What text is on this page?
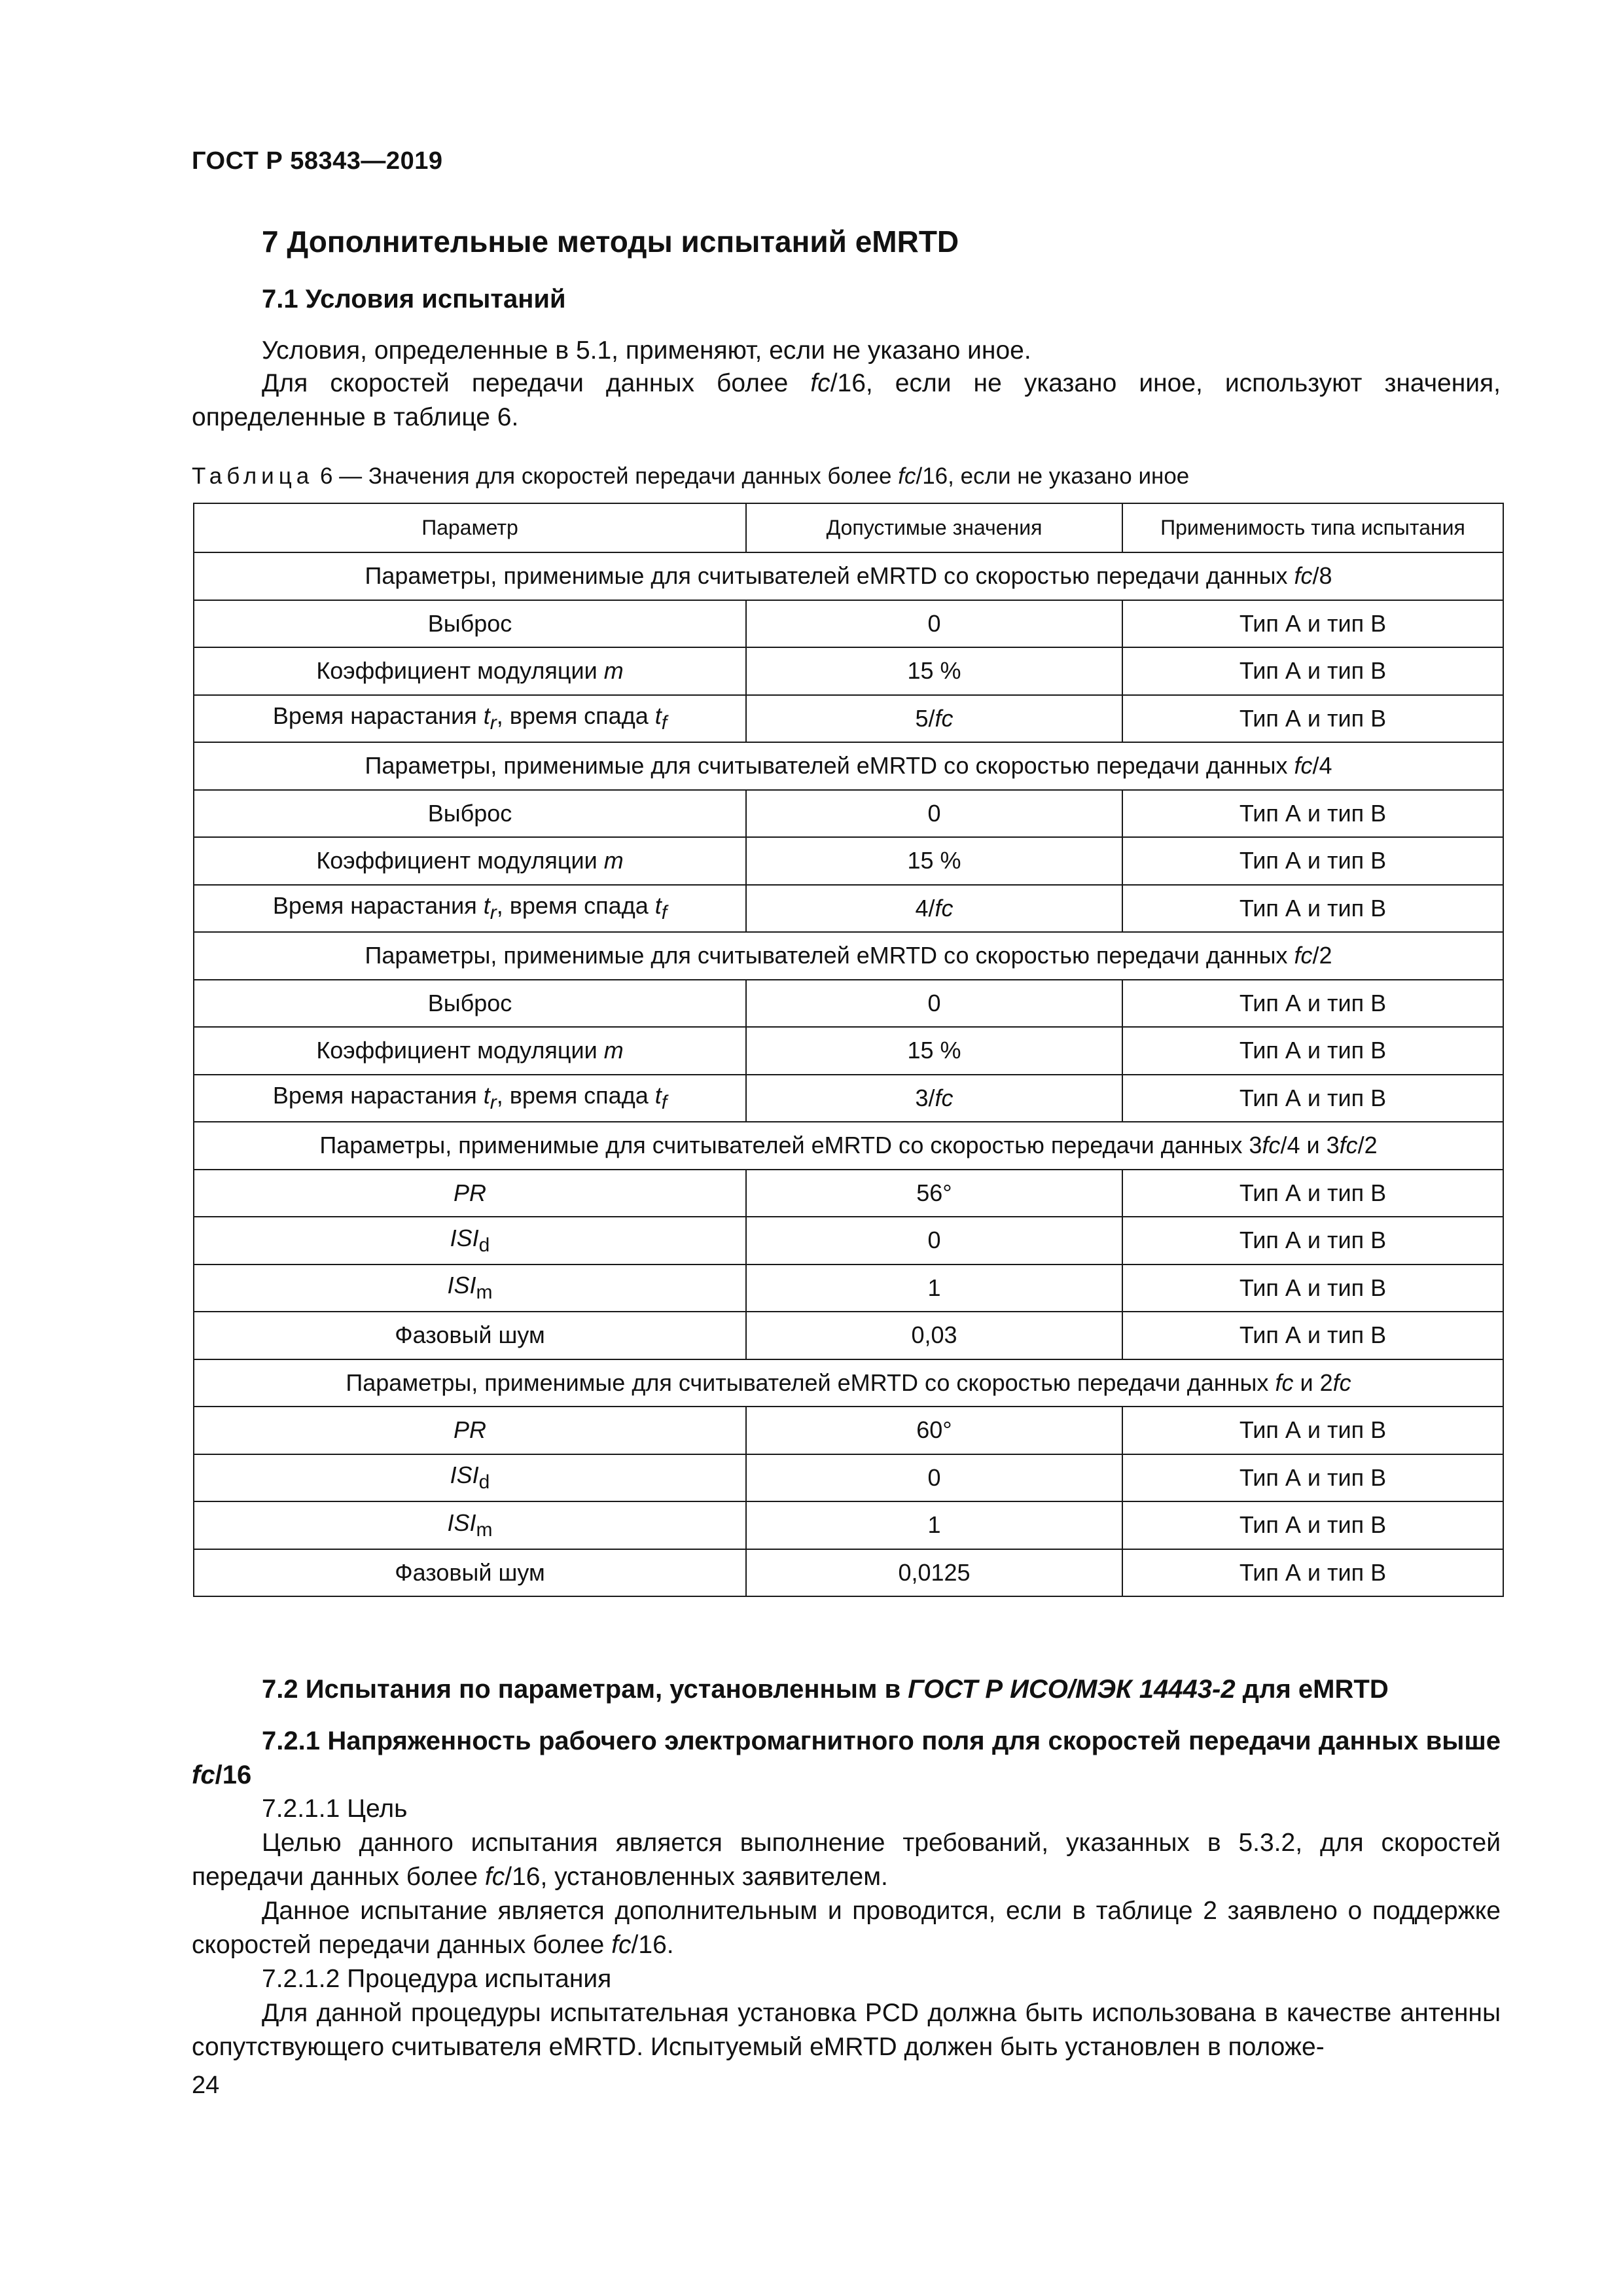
ГОСТ Р 58343—2019
7 Дополнительные методы испытаний eMRTD
7.1 Условия испытаний
Условия, определенные в 5.1, применяют, если не указано иное.
Для скоростей передачи данных более fc/16, если не указано иное, используют значения, определенные в таблице 6.
Таблица 6 — Значения для скоростей передачи данных более fc/16, если не указано иное
Параметр	Допустимые значения	Применимость типа испытания
Параметры, применимые для считывателей eMRTD со скоростью передачи данных fc/8		
Выброс	0	Тип А и тип В
Коэффициент модуляции m	15 %	Тип А и тип В
Время нарастания $t_r$, время спада $t_f$	5/fc	Тип А и тип В
Параметры, применимые для считывателей eMRTD со скоростью передачи данных fc/4		
Выброс	0	Тип А и тип В
Коэффициент модуляции m	15 %	Тип А и тип В
Время нарастания $t_r$, время спада $t_f$	4/fc	Тип А и тип В
Параметры, применимые для считывателей eMRTD со скоростью передачи данных fc/2		
Выброс	0	Тип А и тип В
Коэффициент модуляции m	15 %	Тип А и тип В
Время нарастания $t_r$, время спада $t_f$	3/fc	Тип А и тип В
Параметры, применимые для считывателей eMRTD со скоростью передачи данных 3fc/4 и 3fc/2		
PR	56°	Тип А и тип В
$ISI_d$	0	Тип А и тип В
$ISI_m$	1	Тип А и тип В
Фазовый шум	0,03	Тип А и тип В
Параметры, применимые для считывателей eMRTD со скоростью передачи данных fc и 2fc		
PR	60°	Тип А и тип В
$ISI_d$	0	Тип А и тип В
$ISI_m$	1	Тип А и тип В
Фазовый шум	0,0125	Тип А и тип В
7.2 Испытания по параметрам, установленным в ГОСТ Р ИСО/МЭК 14443-2 для eMRTD
7.2.1 Напряженность рабочего электромагнитного поля для скоростей передачи данных выше fc/16
7.2.1.1 Цель
Целью данного испытания является выполнение требований, указанных в 5.3.2, для скоростей передачи данных более fc/16, установленных заявителем.
Данное испытание является дополнительным и проводится, если в таблице 2 заявлено о поддержке скоростей передачи данных более fc/16.
7.2.1.2 Процедура испытания
Для данной процедуры испытательная установка PCD должна быть использована в качестве антенны сопутствующего считывателя eMRTD. Испытуемый eMRTD должен быть установлен в положе-
24
